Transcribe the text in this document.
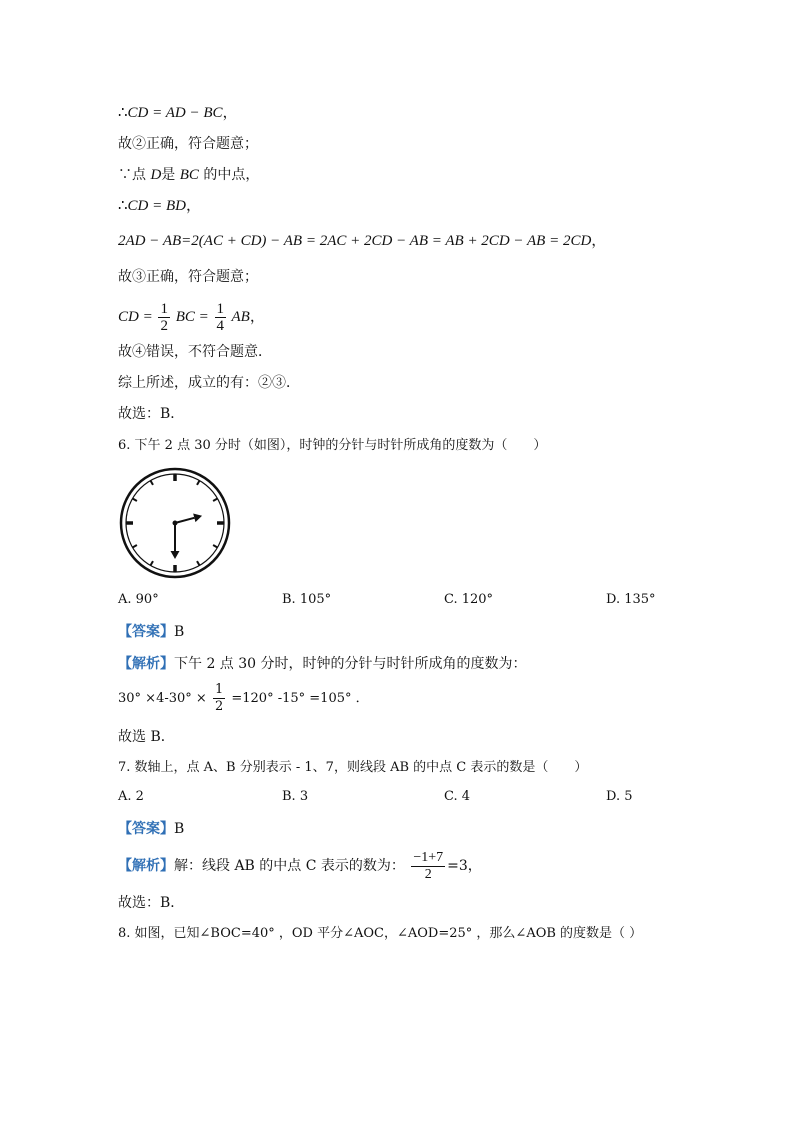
∴CD = AD − BC，
故②正确，符合题意；
∵点 D是 BC 的中点，
∴CD = BD，
2AD − AB=2(AC + CD) − AB = 2AC + 2CD − AB = AB + 2CD − AB = 2CD，
故③正确，符合题意；
CD = $\frac{1}{2}$ BC = $\frac{1}{4}$ AB，
故④错误，不符合题意．
综上所述，成立的有：②③．
故选：B．
6. 下午 2 点 30 分时（如图），时钟的分针与时针所成角的度数为（　　）
A. 90°	B. 105°	C. 120°	D. 135°
【答案】B
【解析】下午 2 点 30 分时，时钟的分针与时针所成角的度数为：
$30^\circ \times 4-30^\circ \times \frac{1}{2} =120^\circ$ -15° =105° ．
故选 B．
7. 数轴上，点 A、B 分别表示 - 1、7，则线段 AB 的中点 C 表示的数是（　　）
A. 2	B. 3	C. 4	D. 5
【答案】B
【解析】解：线段 AB 的中点 C 表示的数为： $\frac{-1+7}{2} =3$，
故选：B．
8. 如图，已知∠BOC=40° ，OD 平分∠AOC，∠AOD=25° ，那么∠AOB 的度数是（ ）
